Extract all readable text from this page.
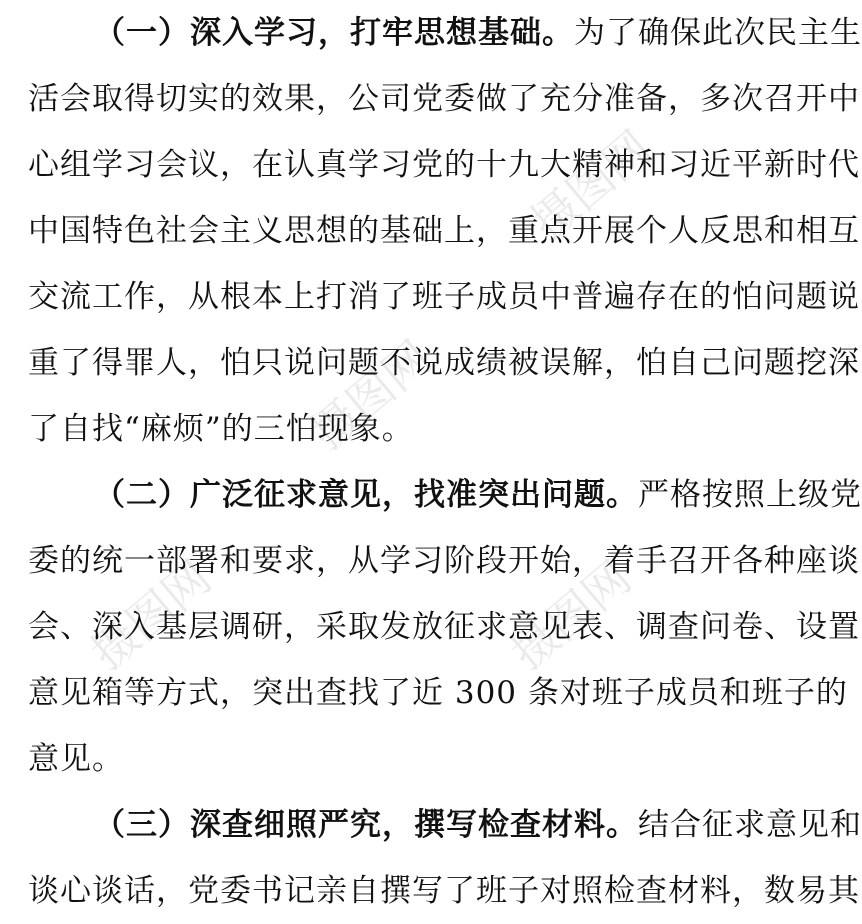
摄图网
摄图网
摄图网	摄图网
（一）深入学习，打牢思想基础。为了确保此次民主生
活会取得切实的效果，公司党委做了充分准备，多次召开中
心组学习会议，在认真学习党的十九大精神和习近平新时代
中国特色社会主义思想的基础上，重点开展个人反思和相互
交流工作，从根本上打消了班子成员中普遍存在的怕问题说
重了得罪人，怕只说问题不说成绩被误解，怕自己问题挖深
了自找“麻烦”的三怕现象。
（二）广泛征求意见，找准突出问题。严格按照上级党
委的统一部署和要求，从学习阶段开始，着手召开各种座谈
会、深入基层调研，采取发放征求意见表、调查问卷、设置
意见箱等方式，突出查找了近 300 条对班子成员和班子的
意见。
（三）深查细照严究，撰写检查材料。结合征求意见和
谈心谈话，党委书记亲自撰写了班子对照检查材料，数易其
